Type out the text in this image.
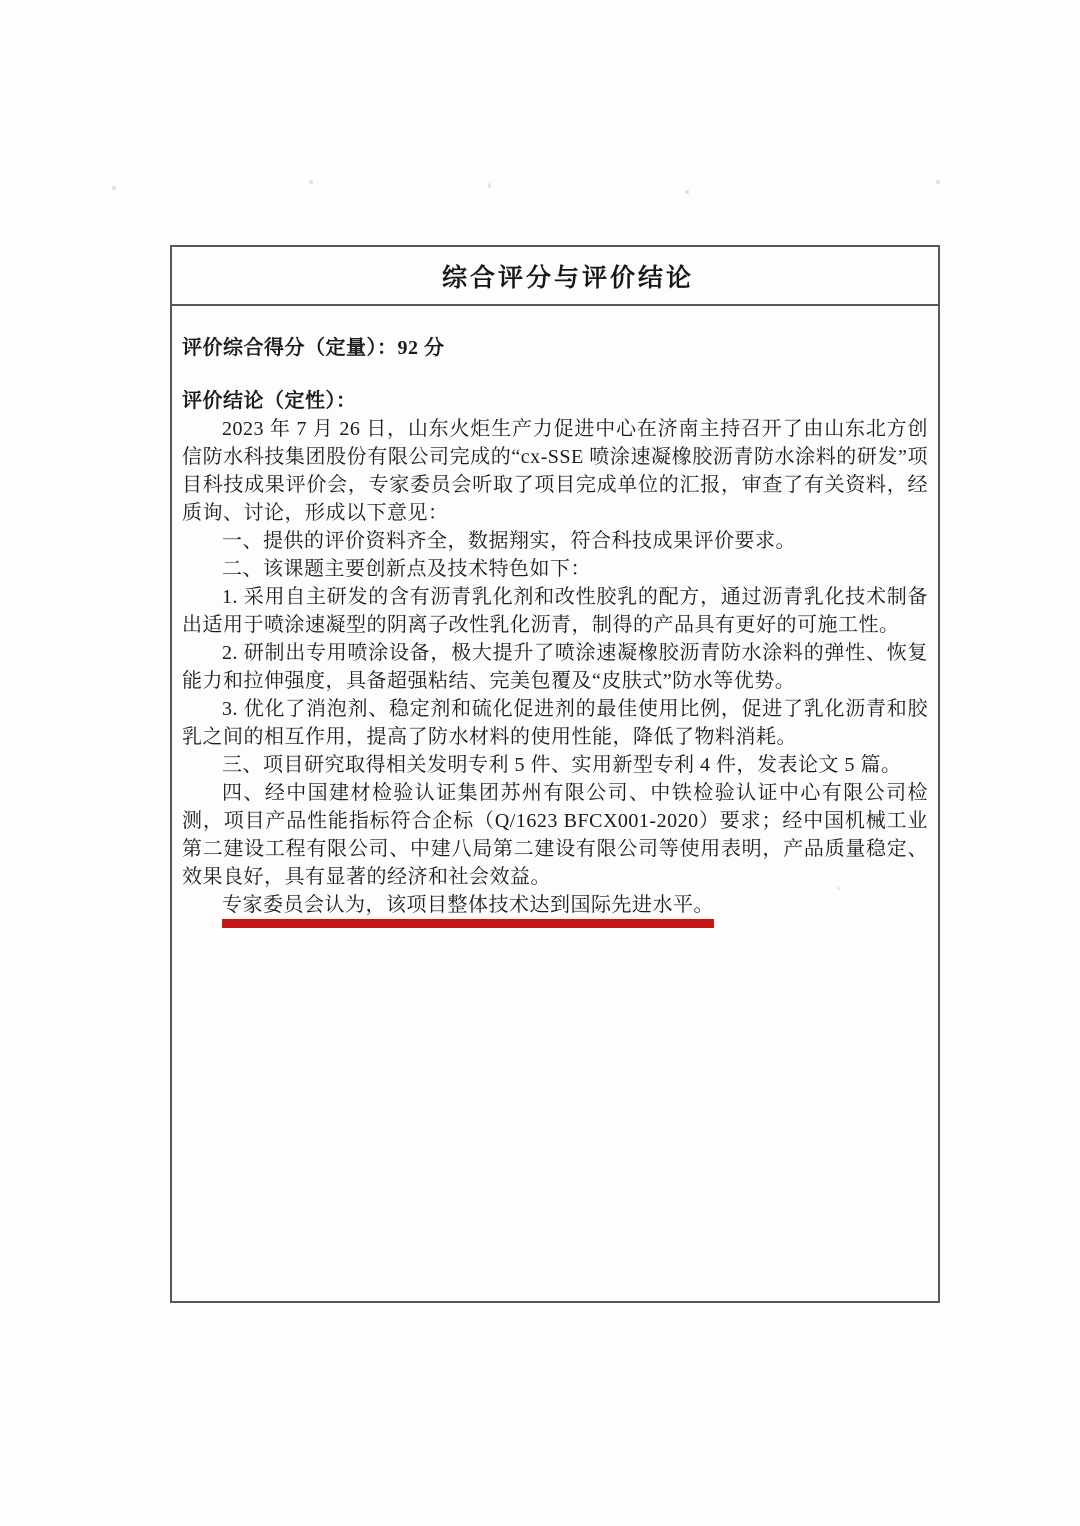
综合评分与评价结论

评价综合得分（定量）：92 分

评价结论（定性）：

2023 年 7 月 26 日，山东火炬生产力促进中心在济南主持召开了由山东北方创信防水科技集团股份有限公司完成的“cx-SSE 喷涂速凝橡胶沥青防水涂料的研发”项目科技成果评价会，专家委员会听取了项目完成单位的汇报，审查了有关资料，经质询、讨论，形成以下意见：

一、提供的评价资料齐全，数据翔实，符合科技成果评价要求。

二、该课题主要创新点及技术特色如下：

1. 采用自主研发的含有沥青乳化剂和改性胶乳的配方，通过沥青乳化技术制备出适用于喷涂速凝型的阴离子改性乳化沥青，制得的产品具有更好的可施工性。

2. 研制出专用喷涂设备，极大提升了喷涂速凝橡胶沥青防水涂料的弹性、恢复能力和拉伸强度，具备超强粘结、完美包覆及“皮肤式”防水等优势。

3. 优化了消泡剂、稳定剂和硫化促进剂的最佳使用比例，促进了乳化沥青和胶乳之间的相互作用，提高了防水材料的使用性能，降低了物料消耗。

三、项目研究取得相关发明专利 5 件、实用新型专利 4 件，发表论文 5 篇。

四、经中国建材检验认证集团苏州有限公司、中铁检验认证中心有限公司检测，项目产品性能指标符合企标（Q/1623 BFCX001-2020）要求；经中国机械工业第二建设工程有限公司、中建八局第二建设有限公司等使用表明，产品质量稳定、效果良好，具有显著的经济和社会效益。

专家委员会认为，该项目整体技术达到国际先进水平。
